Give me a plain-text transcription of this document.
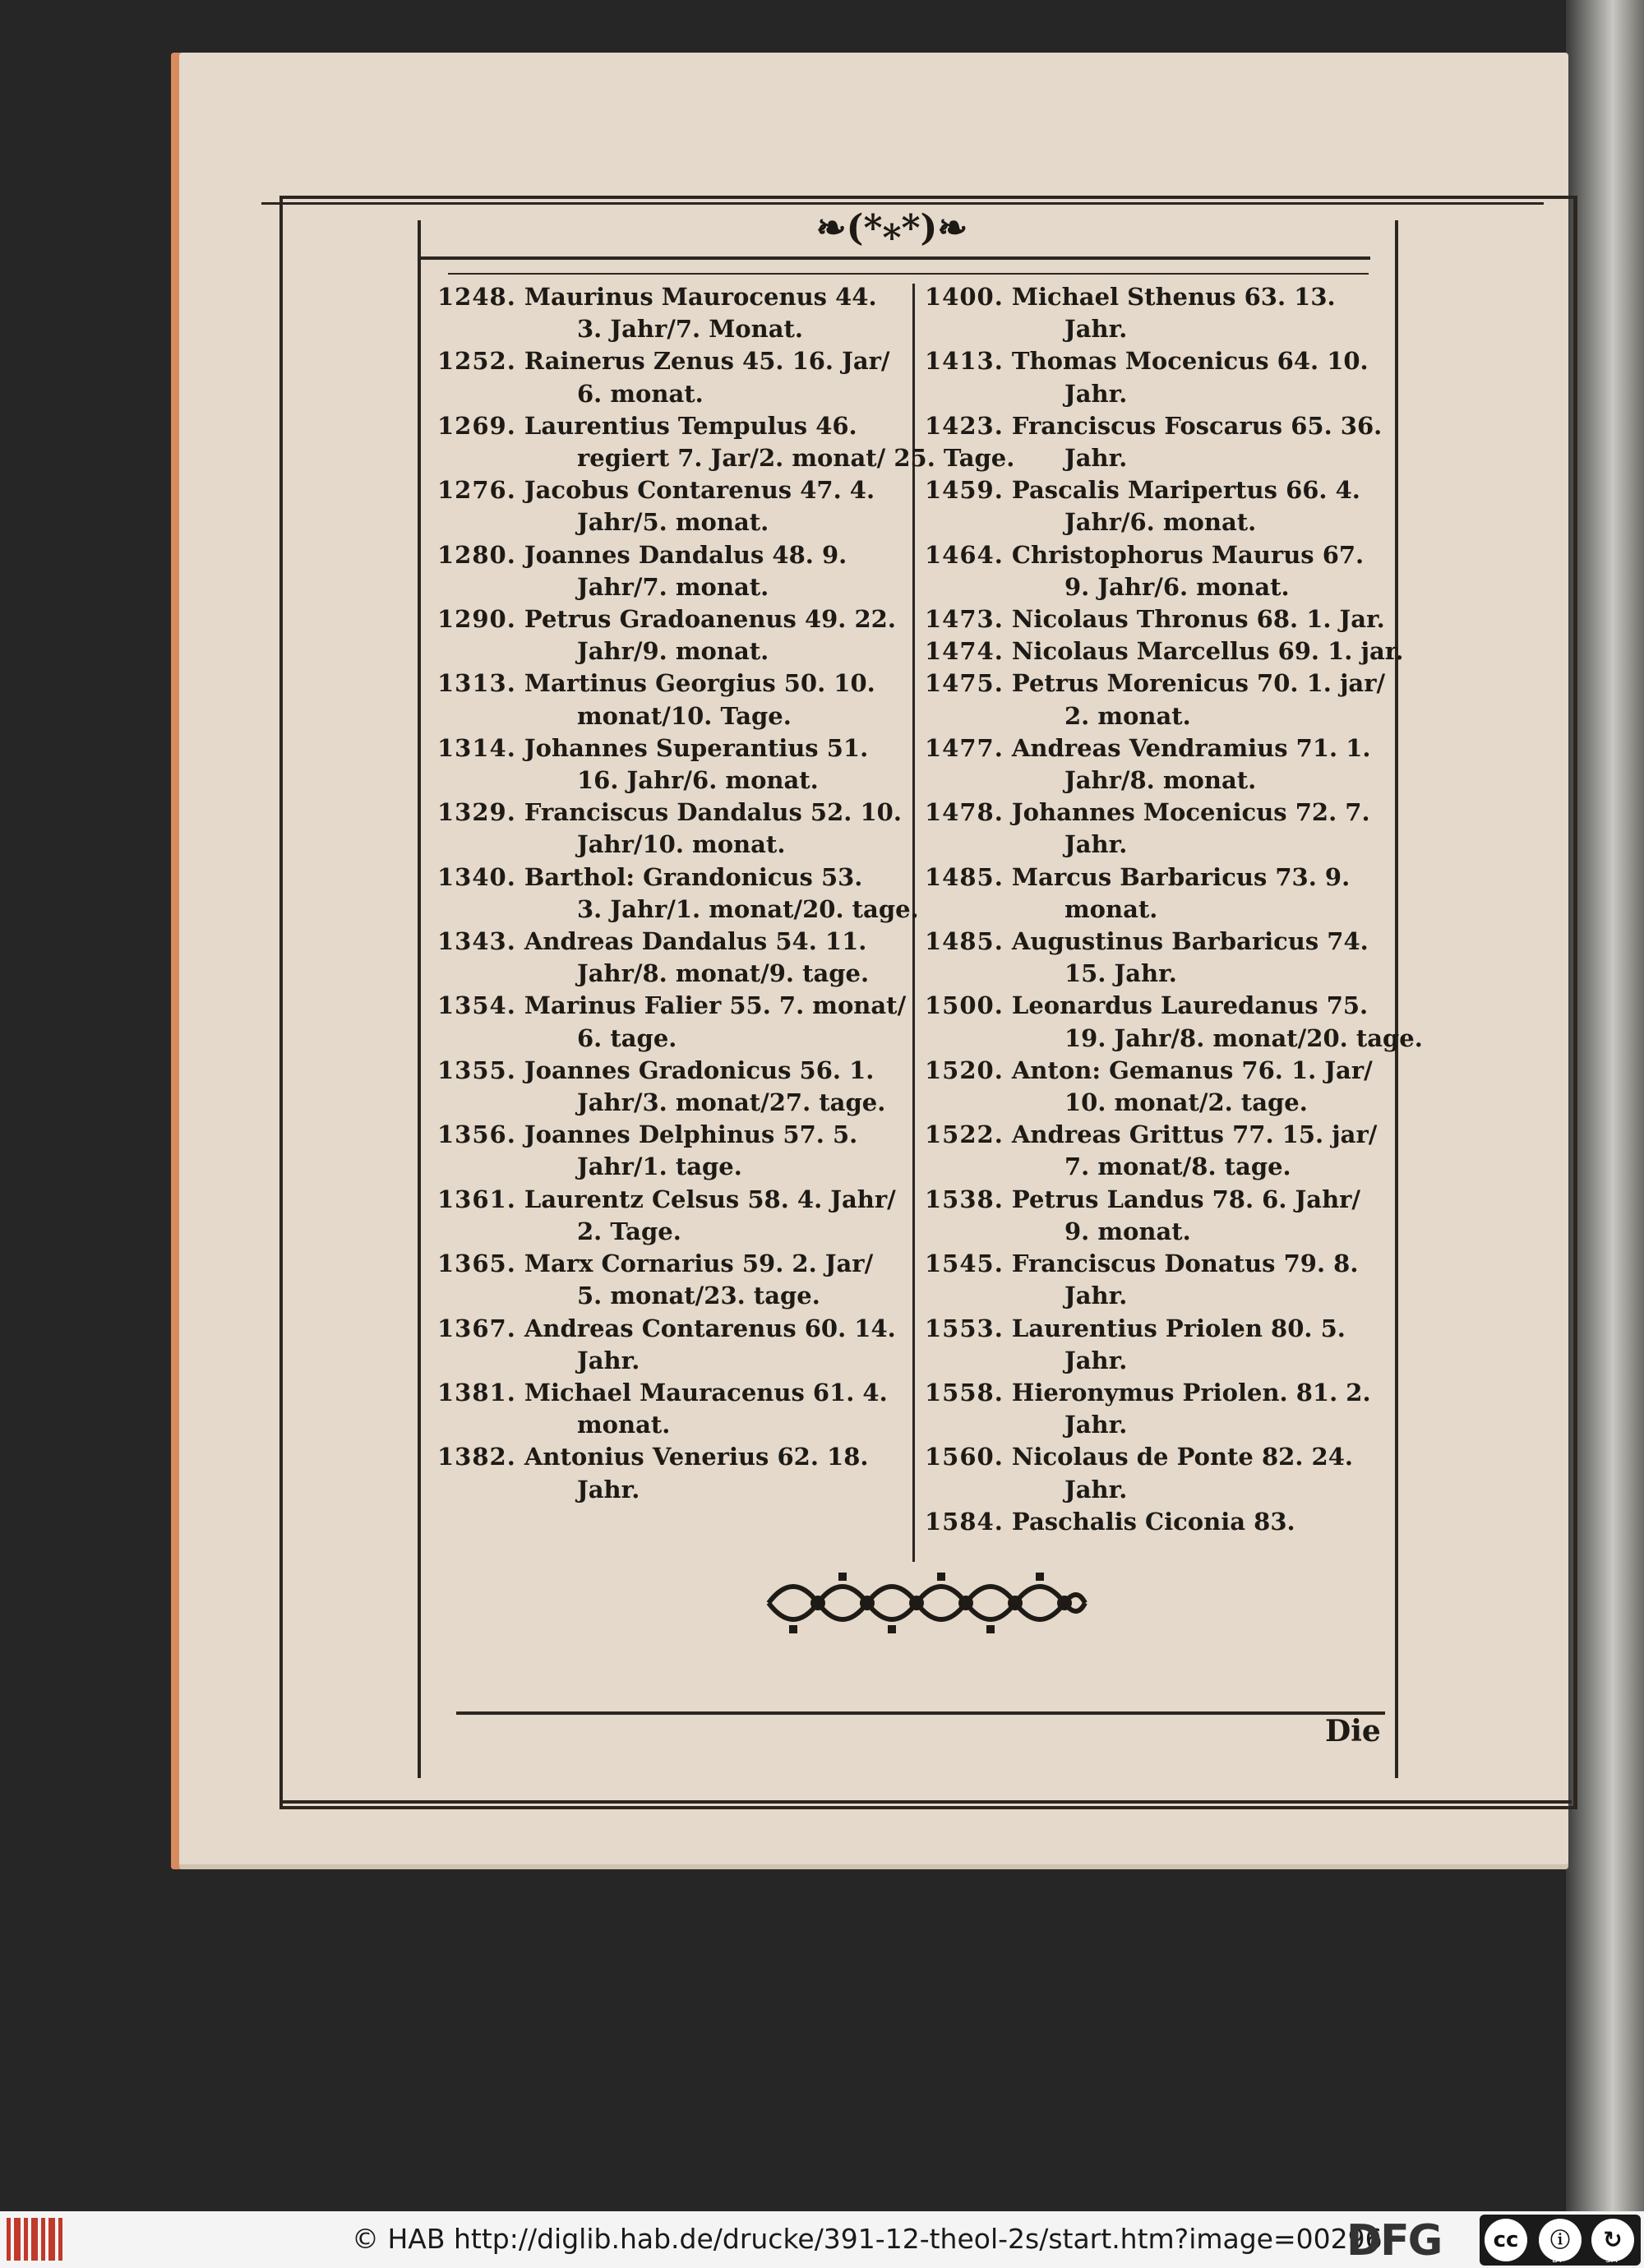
❧(*⁎*)❧
1248. Maurinus Maurocenus 44.
3. Jahr/7. Monat.
1252. Rainerus Zenus 45. 16. Jar/
6. monat.
1269. Laurentius Tempulus 46.
regiert 7. Jar/2. monat/ 25. Tage.
1276. Jacobus Contarenus 47. 4.
Jahr/5. monat.
1280. Joannes Dandalus 48. 9.
Jahr/7. monat.
1290. Petrus Gradoanenus 49. 22.
Jahr/9. monat.
1313. Martinus Georgius 50. 10.
monat/10. Tage.
1314. Johannes Superantius 51.
16. Jahr/6. monat.
1329. Franciscus Dandalus 52. 10.
Jahr/10. monat.
1340. Barthol: Grandonicus 53.
3. Jahr/1. monat/20. tage.
1343. Andreas Dandalus 54. 11.
Jahr/8. monat/9. tage.
1354. Marinus Falier 55. 7. monat/
6. tage.
1355. Joannes Gradonicus 56. 1.
Jahr/3. monat/27. tage.
1356. Joannes Delphinus 57. 5.
Jahr/1. tage.
1361. Laurentz Celsus 58. 4. Jahr/
2. Tage.
1365. Marx Cornarius 59. 2. Jar/
5. monat/23. tage.
1367. Andreas Contarenus 60. 14.
Jahr.
1381. Michael Mauracenus 61. 4.
monat.
1382. Antonius Venerius 62. 18.
Jahr.
1400. Michael Sthenus 63. 13.
Jahr.
1413. Thomas Mocenicus 64. 10.
Jahr.
1423. Franciscus Foscarus 65. 36.
Jahr.
1459. Pascalis Maripertus 66. 4.
Jahr/6. monat.
1464. Christophorus Maurus 67.
9. Jahr/6. monat.
1473. Nicolaus Thronus 68. 1. Jar.
1474. Nicolaus Marcellus 69. 1. jar.
1475. Petrus Morenicus 70. 1. jar/
2. monat.
1477. Andreas Vendramius 71. 1.
Jahr/8. monat.
1478. Johannes Mocenicus 72. 7.
Jahr.
1485. Marcus Barbaricus 73. 9.
monat.
1485. Augustinus Barbaricus 74.
15. Jahr.
1500. Leonardus Lauredanus 75.
19. Jahr/8. monat/20. tage.
1520. Anton: Gemanus 76. 1. Jar/
10. monat/2. tage.
1522. Andreas Grittus 77. 15. jar/
7. monat/8. tage.
1538. Petrus Landus 78. 6. Jahr/
9. monat.
1545. Franciscus Donatus 79. 8.
Jahr.
1553. Laurentius Priolen 80. 5.
Jahr.
1558. Hieronymus Priolen. 81. 2.
Jahr.
1560. Nicolaus de Ponte 82. 24.
Jahr.
1584. Paschalis Ciconia 83.
Die
© HAB http://diglib.hab.de/drucke/391-12-theol-2s/start.htm?image=00296
DFG	cc	ⓘ	↻
BY	SA
